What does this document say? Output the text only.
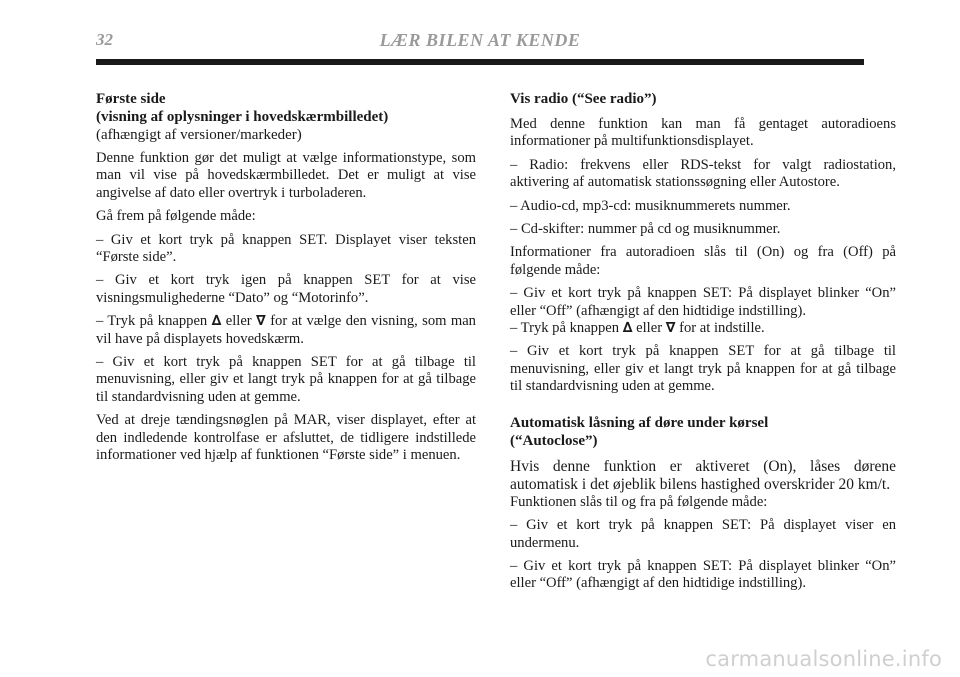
32	LÆR BILEN AT KENDE
Første side
(visning af oplysninger i hovedskærmbilledet)
(afhængigt af versioner/markeder)

Denne funktion gør det muligt at vælge informationstype, som man vil vise på hovedskærmbilledet. Det er muligt at vise angivelse af dato eller overtryk i turboladeren.

Gå frem på følgende måde:

– Giv et kort tryk på knappen SET. Displayet viser teksten “Første side”.

– Giv et kort tryk igen på knappen SET for at vise visningsmulighederne “Dato” og “Motorinfo”.

– Tryk på knappen ∆ eller ∇ for at vælge den visning, som man vil have på displayets hovedskærm.

– Giv et kort tryk på knappen SET for at gå tilbage til menuvisning, eller giv et langt tryk på knappen for at gå tilbage til standardvisning uden at gemme.

Ved at dreje tændingsnøglen på MAR, viser displayet, efter at den indledende kontrolfase er afsluttet, de tidligere indstillede informationer ved hjælp af funktionen “Første side” i menuen.

Vis radio (“See radio”)

Med denne funktion kan man få gentaget autoradioens informationer på multifunktionsdisplayet.

– Radio: frekvens eller RDS-tekst for valgt radiostation, aktivering af automatisk stationssøgning eller Autostore.

– Audio-cd, mp3-cd: musiknummerets nummer.

– Cd-skifter: nummer på cd og musiknummer.

Informationer fra autoradioen slås til (On) og fra (Off) på følgende måde:

– Giv et kort tryk på knappen SET: På displayet blinker “On” eller “Off” (afhængigt af den hidtidige indstilling).

– Tryk på knappen ∆ eller ∇ for at indstille.

– Giv et kort tryk på knappen SET for at gå tilbage til menuvisning, eller giv et langt tryk på knappen for at gå tilbage til standardvisning uden at gemme.

Automatisk låsning af døre under kørsel
(“Autoclose”)

Hvis denne funktion er aktiveret (On), låses dørene automatisk i det øjeblik bilens hastighed overskrider 20 km/t.

Funktionen slås til og fra på følgende måde:

– Giv et kort tryk på knappen SET: På displayet viser en undermenu.

– Giv et kort tryk på knappen SET: På displayet blinker “On” eller “Off” (afhængigt af den hidtidige indstilling).

carmanualsonline.info
